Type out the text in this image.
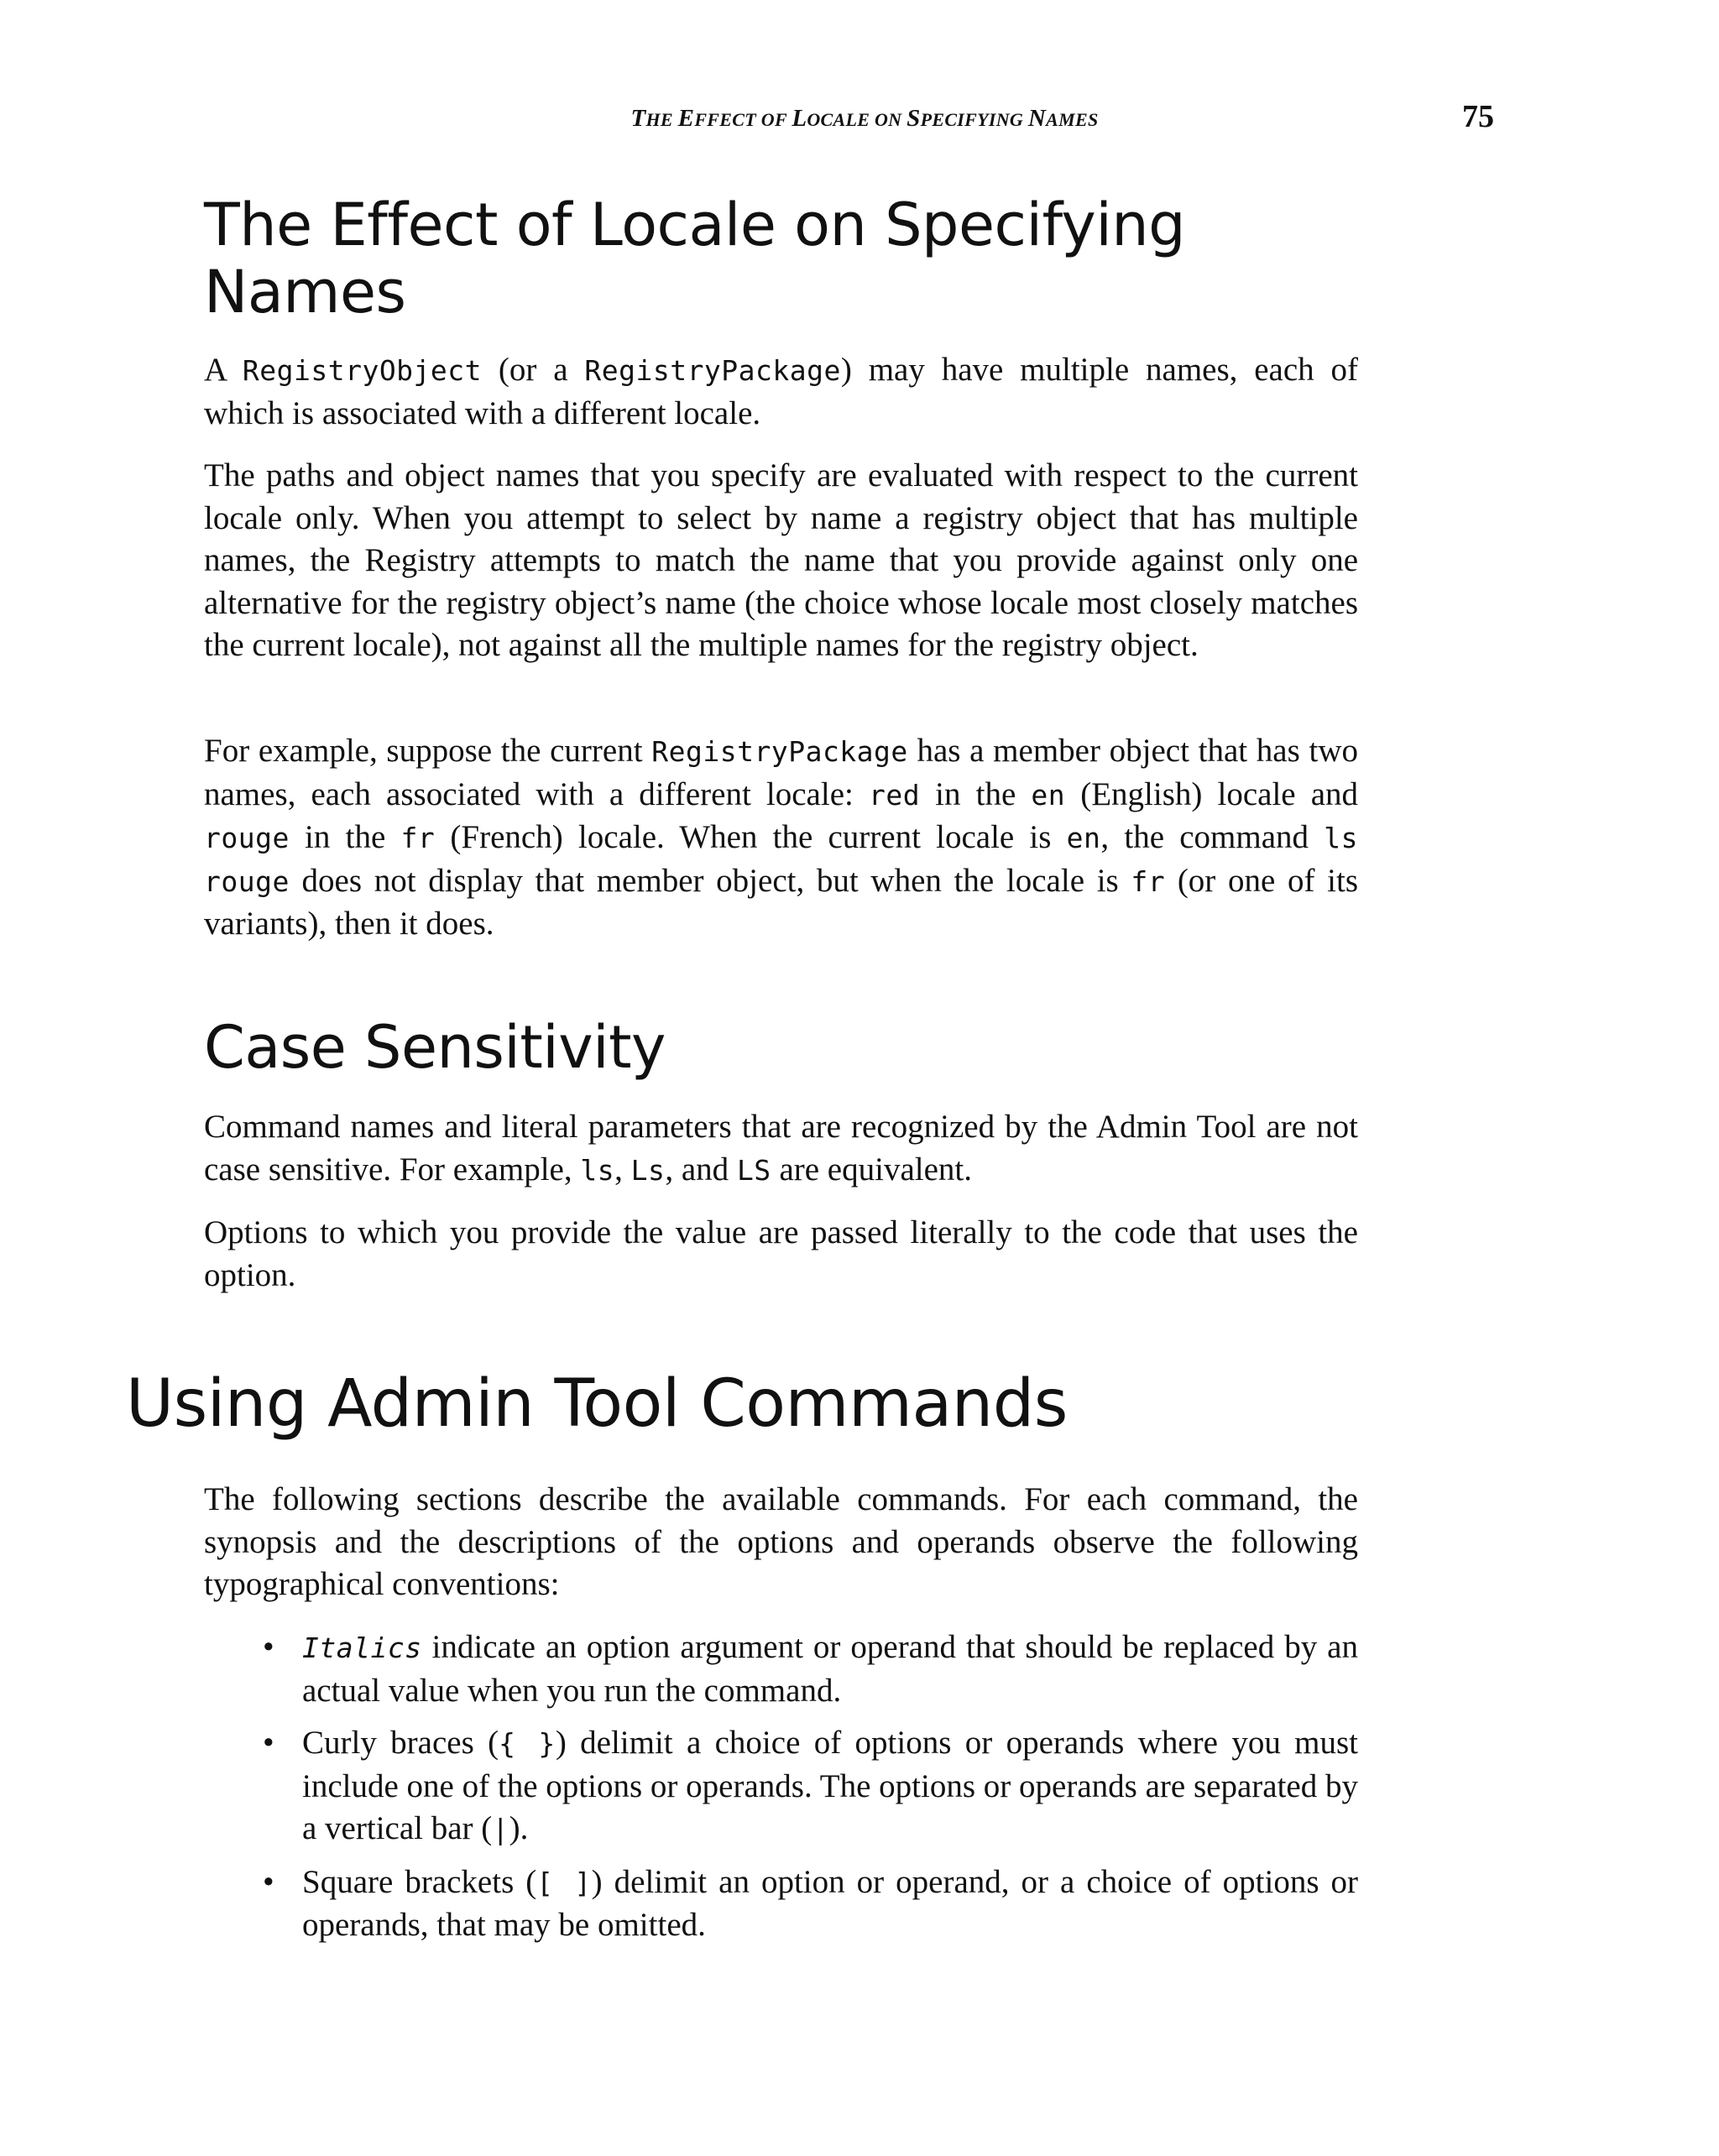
THE EFFECT OF LOCALE ON SPECIFYING NAMES	75
The Effect of Locale on Specifying
Names

A RegistryObject (or a RegistryPackage) may have multiple names, each of which is associated with a different locale.

The paths and object names that you specify are evaluated with respect to the current locale only. When you attempt to select by name a registry object that has multiple names, the Registry attempts to match the name that you provide against only one alternative for the registry object’s name (the choice whose locale most closely matches the current locale), not against all the multiple names for the registry object.

For example, suppose the current RegistryPackage has a member object that has two names, each associated with a different locale: red in the en (English) locale and rouge in the fr (French) locale. When the current locale is en, the command ls rouge does not display that member object, but when the locale is fr (or one of its variants), then it does.

Case Sensitivity

Command names and literal parameters that are recognized by the Admin Tool are not case sensitive. For example, ls, Ls, and LS are equivalent.

Options to which you provide the value are passed literally to the code that uses the option.

Using Admin Tool Commands

The following sections describe the available commands. For each command, the synopsis and the descriptions of the options and operands observe the following typographical conventions:

• Italics indicate an option argument or operand that should be replaced by an actual value when you run the command.
• Curly braces ({ }) delimit a choice of options or operands where you must include one of the options or operands. The options or operands are separated by a vertical bar (|).
• Square brackets ([ ]) delimit an option or operand, or a choice of options or operands, that may be omitted.
